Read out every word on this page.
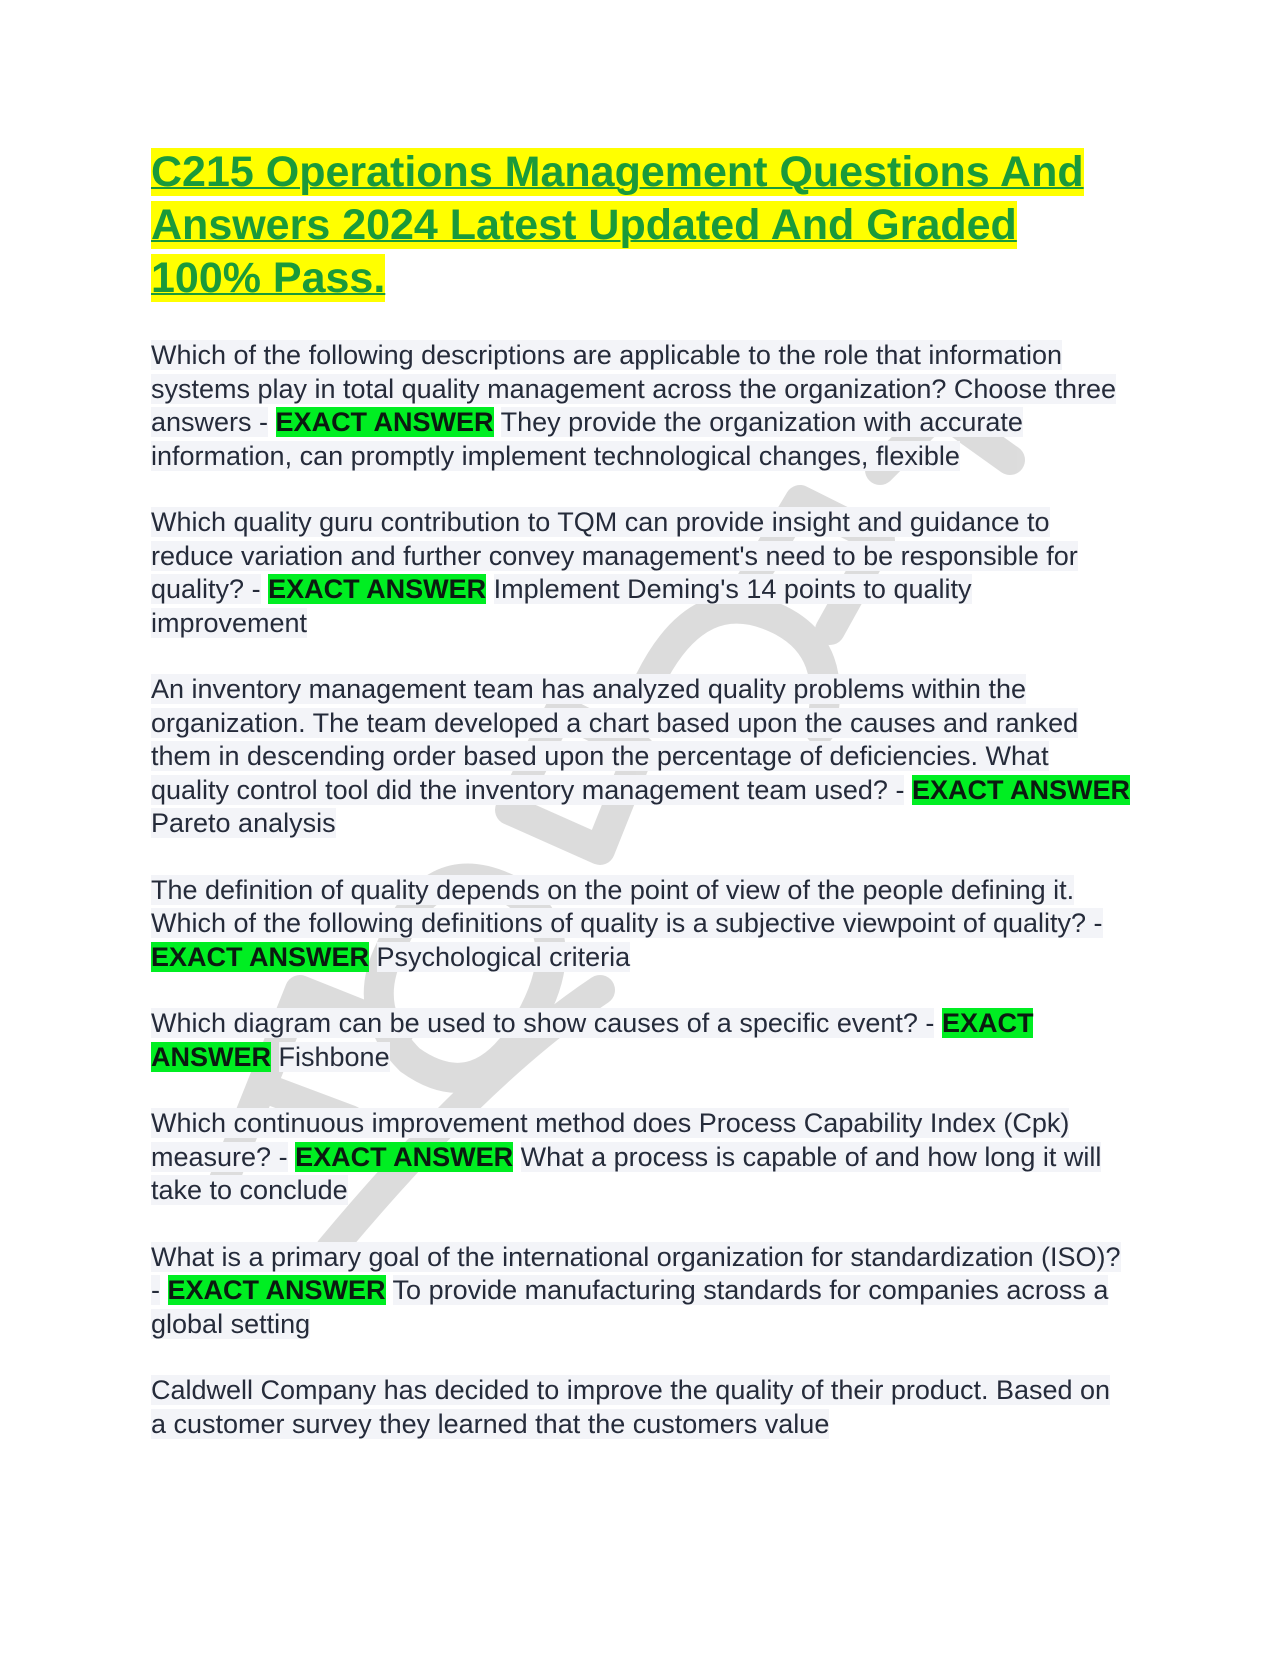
C215 Operations Management Questions And Answers 2024 Latest Updated And Graded 100% Pass.

Which of the following descriptions are applicable to the role that information systems play in total quality management across the organization? Choose three answers - EXACT ANSWER They provide the organization with accurate information, can promptly implement technological changes, flexible

Which quality guru contribution to TQM can provide insight and guidance to reduce variation and further convey management's need to be responsible for quality? - EXACT ANSWER Implement Deming's 14 points to quality improvement

An inventory management team has analyzed quality problems within the organization. The team developed a chart based upon the causes and ranked them in descending order based upon the percentage of deficiencies. What quality control tool did the inventory management team used? - EXACT ANSWER Pareto analysis

The definition of quality depends on the point of view of the people defining it. Which of the following definitions of quality is a subjective viewpoint of quality? - EXACT ANSWER Psychological criteria

Which diagram can be used to show causes of a specific event? - EXACT ANSWER Fishbone

Which continuous improvement method does Process Capability Index (Cpk) measure? - EXACT ANSWER What a process is capable of and how long it will take to conclude

What is a primary goal of the international organization for standardization (ISO)? - EXACT ANSWER To provide manufacturing standards for companies across a global setting

Caldwell Company has decided to improve the quality of their product. Based on a customer survey they learned that the customers value
